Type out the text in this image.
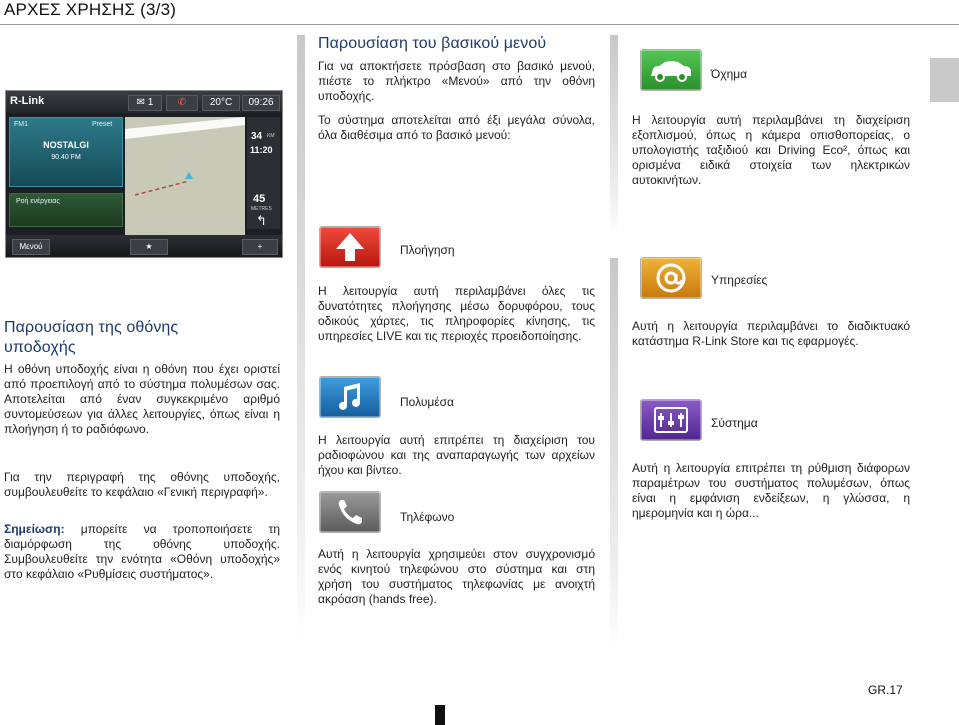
ΑΡΧΕΣ ΧΡΗΣΗΣ (3/3)
R-Link	✉ 1	✆	20°C	09:26
FM1	Preset
NOSTALGI
90.40 FM
Ροή ενέργειας
34 KM
11:20
45
METRES
↰
Μενού	★	+
Παρουσίαση της οθόνης
υποδοχής
Η οθόνη υποδοχής είναι η οθόνη που έχει οριστεί από προεπιλογή από το σύστημα πολυμέσων σας. Αποτελείται από έναν συγκεκριμένο αριθμό συντομεύσεων για άλλες λειτουργίες, όπως είναι η πλοήγηση ή το ραδιόφωνο.
Για την περιγραφή της οθόνης υποδοχής, συμβουλευθείτε το κεφάλαιο «Γενική περιγραφή».
Σημείωση: μπορείτε να τροποποιήσετε τη διαμόρφωση της οθόνης υποδοχής. Συμβουλευθείτε την ενότητα «Οθόνη υποδοχής» στο κεφάλαιο «Ρυθμίσεις συστήματος».
Παρουσίαση του βασικού μενού
Για να αποκτήσετε πρόσβαση στο βασικό μενού, πιέστε το πλήκτρο «Μενού» από την οθόνη υποδοχής.
Το σύστημα αποτελείται από έξι μεγάλα σύνολα, όλα διαθέσιμα από το βασικό μενού:
Πλοήγηση
Η λειτουργία αυτή περιλαμβάνει όλες τις δυνατότητες πλοήγησης μέσω δορυφόρου, τους οδικούς χάρτες, τις πληροφορίες κίνησης, τις υπηρεσίες LIVE και τις περιοχές προειδοποίησης.
Πολυμέσα
Η λειτουργία αυτή επιτρέπει τη διαχείριση του ραδιοφώνου και της αναπαραγωγής των αρχείων ήχου και βίντεο.
Τηλέφωνο
Αυτή η λειτουργία χρησιμεύει στον συγχρονισμό ενός κινητού τηλεφώνου στο σύστημα και στη χρήση του συστήματος τηλεφωνίας με ανοιχτή ακρόαση (hands free).
Όχημα
Η λειτουργία αυτή περιλαμβάνει τη διαχείριση εξοπλισμού, όπως η κάμερα οπισθοπορείας, ο υπολογιστής ταξιδιού και Driving Eco², όπως και ορισμένα ειδικά στοιχεία των ηλεκτρικών αυτοκινήτων.
Υπηρεσίες
Αυτή η λειτουργία περιλαμβάνει το διαδικτυακό κατάστημα R-Link Store και τις εφαρμογές.
Σύστημα
Αυτή η λειτουργία επιτρέπει τη ρύθμιση διάφορων παραμέτρων του συστήματος πολυμέσων, όπως είναι η εμφάνιση ενδείξεων, η γλώσσα, η ημερομηνία και η ώρα...
GR.17
